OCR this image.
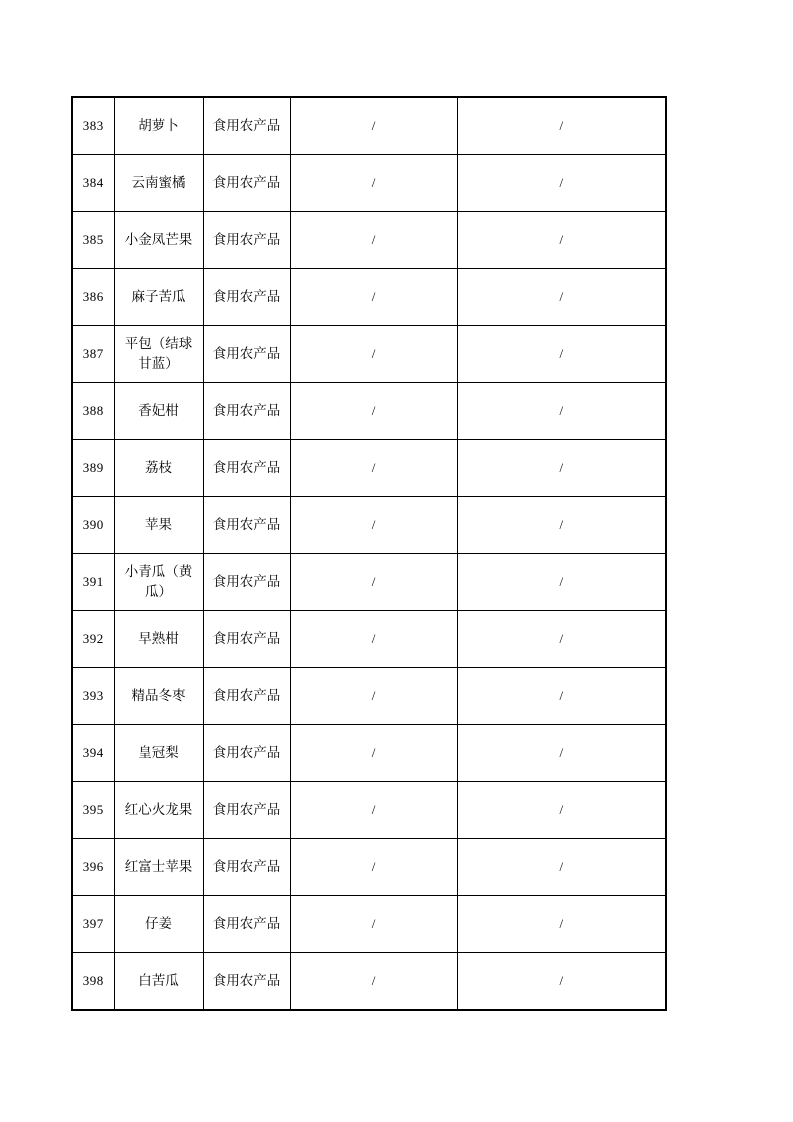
383	胡萝卜	食用农产品	/	/
384	云南蜜橘	食用农产品	/	/
385	小金凤芒果	食用农产品	/	/
386	麻子苦瓜	食用农产品	/	/
387	平包（结球甘蓝）	食用农产品	/	/
388	香妃柑	食用农产品	/	/
389	荔枝	食用农产品	/	/
390	苹果	食用农产品	/	/
391	小青瓜（黄瓜）	食用农产品	/	/
392	早熟柑	食用农产品	/	/
393	精品冬枣	食用农产品	/	/
394	皇冠梨	食用农产品	/	/
395	红心火龙果	食用农产品	/	/
396	红富士苹果	食用农产品	/	/
397	仔姜	食用农产品	/	/
398	白苦瓜	食用农产品	/	/
